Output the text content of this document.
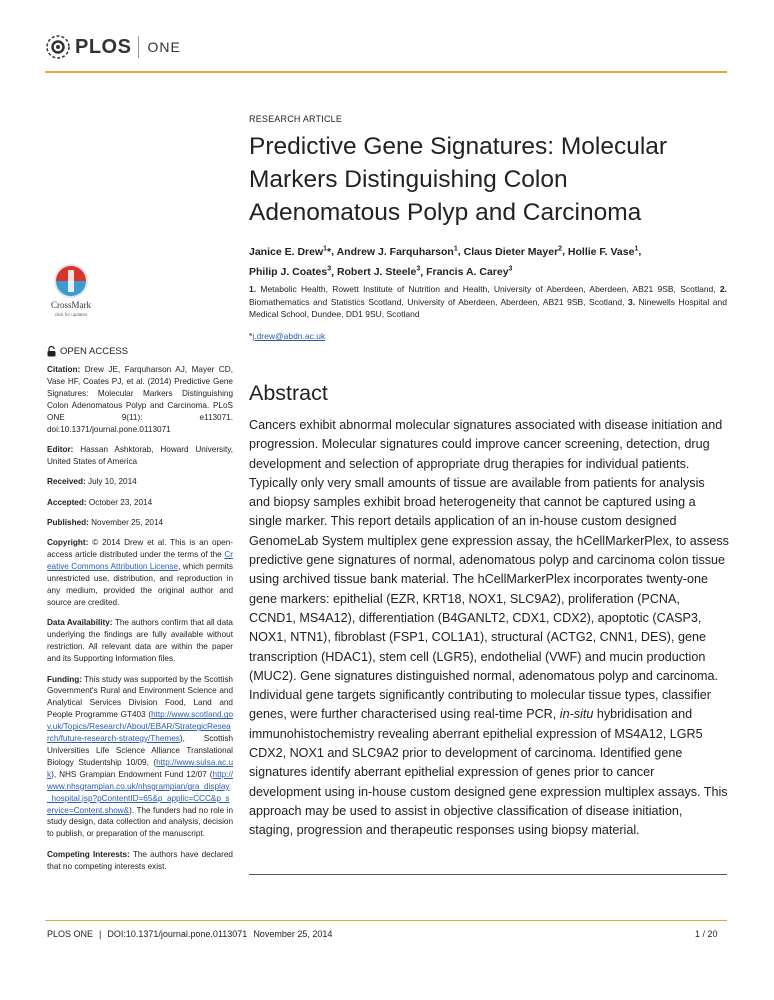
PLOS ONE
RESEARCH ARTICLE
Predictive Gene Signatures: Molecular Markers Distinguishing Colon Adenomatous Polyp and Carcinoma
Janice E. Drew$^1$*, Andrew J. Farquharson$^1$, Claus Dieter Mayer$^2$, Hollie F. Vase$^1$,
Philip J. Coates$^3$, Robert J. Steele$^3$, Francis A. Carey$^3$
1. Metabolic Health, Rowett Institute of Nutrition and Health, University of Aberdeen, Aberdeen, AB21 9SB, Scotland, 2. Biomathematics and Statistics Scotland, University of Aberdeen, Aberdeen, AB21 9SB, Scotland, 3. Ninewells Hospital and Medical School, Dundee, DD1 9SU, Scotland
*j.drew@abdn.ac.uk
CrossMark
click for updates
OPEN ACCESS

Citation: Drew JE, Farquharson AJ, Mayer CD, Vase HF, Coates PJ, et al. (2014) Predictive Gene Signatures: Molecular Markers Distinguishing Colon Adenomatous Polyp and Carcinoma. PLoS ONE 9(11): e113071. doi:10.1371/journal.pone.0113071

Editor: Hassan Ashktorab, Howard University, United States of America

Received: July 10, 2014

Accepted: October 23, 2014

Published: November 25, 2014

Copyright: © 2014 Drew et al. This is an open-access article distributed under the terms of the Creative Commons Attribution License, which permits unrestricted use, distribution, and reproduction in any medium, provided the original author and source are credited.

Data Availability: The authors confirm that all data underlying the findings are fully available without restriction. All relevant data are within the paper and its Supporting Information files.

Funding: This study was supported by the Scottish Government's Rural and Environment Science and Analytical Services Division Food, Land and People Programme GT403 (http://www.scotland.gov.uk/Topics/Research/About/EBAR/StrategicResearch/future-research-strategy/Themes), Scottish Universities Life Science Alliance Translational Biology Studentship 10/09, (http://www.sulsa.ac.uk), NHS Grampian Endowment Fund 12/07 (http://www.nhsgrampian.co.uk/nhsgrampian/gra_display_hospital.jsp?pContentID=65&p_applic=CCC&p_service=Content.show&). The funders had no role in study design, data collection and analysis, decision to publish, or preparation of the manuscript.

Competing Interests: The authors have declared that no competing interests exist.

Abstract

Cancers exhibit abnormal molecular signatures associated with disease initiation and progression. Molecular signatures could improve cancer screening, detection, drug development and selection of appropriate drug therapies for individual patients. Typically only very small amounts of tissue are available from patients for analysis and biopsy samples exhibit broad heterogeneity that cannot be captured using a single marker. This report details application of an in-house custom designed GenomeLab System multiplex gene expression assay, the hCellMarkerPlex, to assess predictive gene signatures of normal, adenomatous polyp and carcinoma colon tissue using archived tissue bank material. The hCellMarkerPlex incorporates twenty-one gene markers: epithelial (EZR, KRT18, NOX1, SLC9A2), proliferation (PCNA, CCND1, MS4A12), differentiation (B4GANLT2, CDX1, CDX2), apoptotic (CASP3, NOX1, NTN1), fibroblast (FSP1, COL1A1), structural (ACTG2, CNN1, DES), gene transcription (HDAC1), stem cell (LGR5), endothelial (VWF) and mucin production (MUC2). Gene signatures distinguished normal, adenomatous polyp and carcinoma. Individual gene targets significantly contributing to molecular tissue types, classifier genes, were further characterised using real-time PCR, in-situ hybridisation and immunohistochemistry revealing aberrant epithelial expression of MS4A12, LGR5 CDX2, NOX1 and SLC9A2 prior to development of carcinoma. Identified gene signatures identify aberrant epithelial expression of genes prior to cancer development using in-house custom designed gene expression multiplex assays. This approach may be used to assist in objective classification of disease initiation, staging, progression and therapeutic responses using biopsy material.

PLOS ONE | DOI:10.1371/journal.pone.0113071 November 25, 2014	1 / 20
